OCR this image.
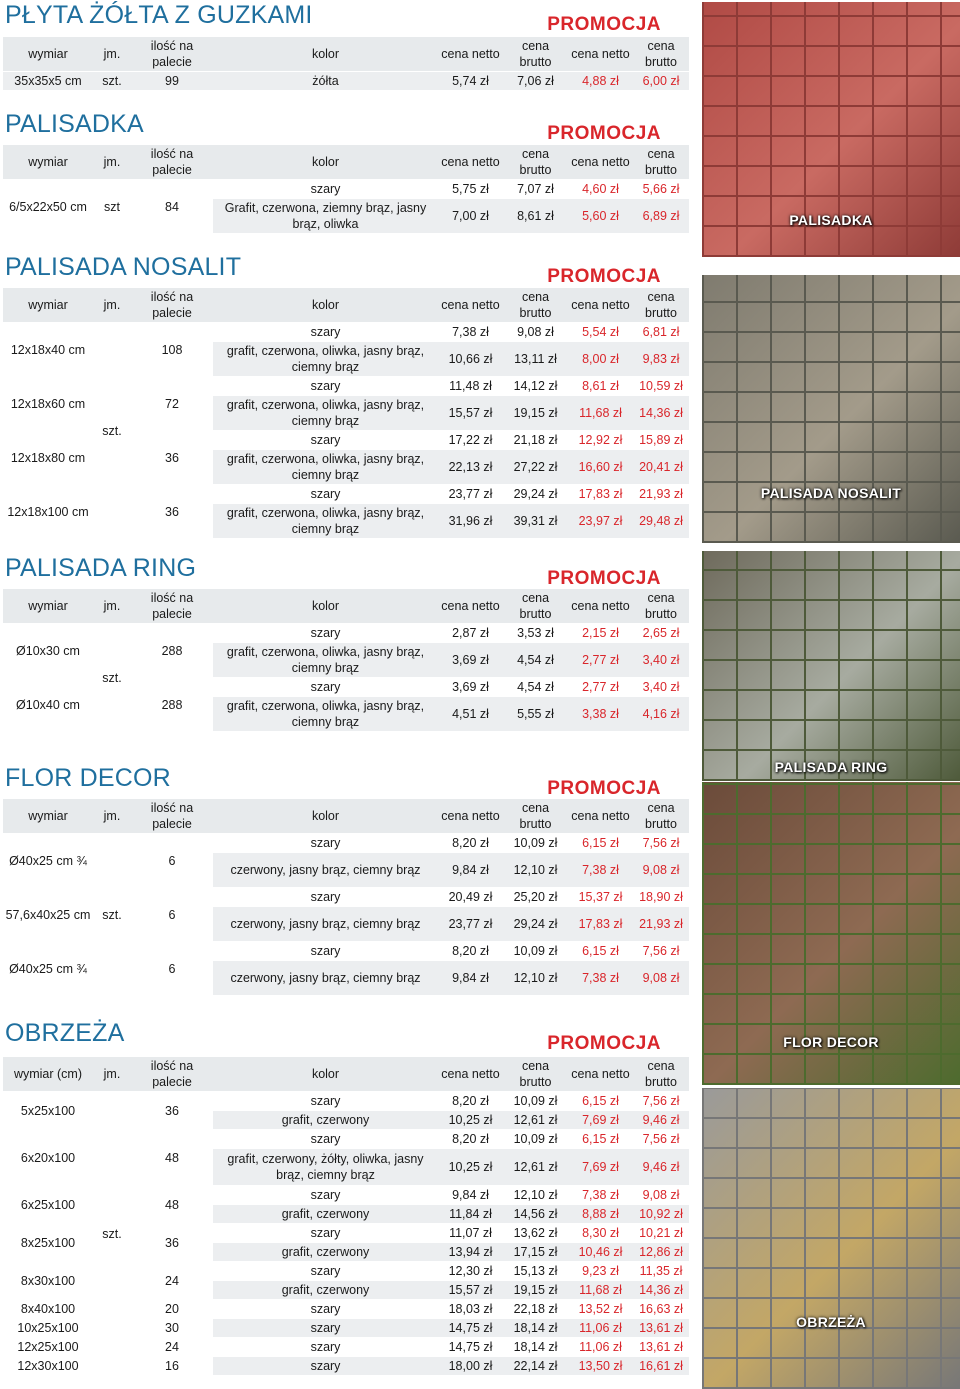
PŁYTA ŻÓŁTA Z GUZKAMI	PROMOCJA
wymiar	jm.	ilość na palecie	kolor	cena netto	cena brutto	cena netto	cena brutto
35x35x5 cm	szt.	99	żółta	5,74 zł	7,06 zł	4,88 zł	6,00 zł
PALISADKA	PROMOCJA
wymiar	jm.	ilość na palecie	kolor	cena netto	cena brutto	cena netto	cena brutto
6/5x22x50 cm	szt	84	szary	5,75 zł	7,07 zł	4,60 zł	5,66 zł
			Grafit, czerwona, ziemny brąz, jasny brąz, oliwka	7,00 zł	8,61 zł	5,60 zł	6,89 zł
PALISADA NOSALIT	PROMOCJA
wymiar	jm.	ilość na palecie	kolor	cena netto	cena brutto	cena netto	cena brutto
12x18x40 cm	szt.	108	szary	7,38 zł	9,08 zł	5,54 zł	6,81 zł
			grafit, czerwona, oliwka, jasny brąz, ciemny brąz	10,66 zł	13,11 zł	8,00 zł	9,83 zł
12x18x60 cm		72	szary	11,48 zł	14,12 zł	8,61 zł	10,59 zł
			grafit, czerwona, oliwka, jasny brąz, ciemny brąz	15,57 zł	19,15 zł	11,68 zł	14,36 zł
12x18x80 cm		36	szary	17,22 zł	21,18 zł	12,92 zł	15,89 zł
			grafit, czerwona, oliwka, jasny brąz, ciemny brąz	22,13 zł	27,22 zł	16,60 zł	20,41 zł
12x18x100 cm		36	szary	23,77 zł	29,24 zł	17,83 zł	21,93 zł
			grafit, czerwona, oliwka, jasny brąz, ciemny brąz	31,96 zł	39,31 zł	23,97 zł	29,48 zł
PALISADA RING	PROMOCJA
wymiar	jm.	ilość na palecie	kolor	cena netto	cena brutto	cena netto	cena brutto
Ø10x30 cm	szt.	288	szary	2,87 zł	3,53 zł	2,15 zł	2,65 zł
			grafit, czerwona, oliwka, jasny brąz, ciemny brąz	3,69 zł	4,54 zł	2,77 zł	3,40 zł
Ø10x40 cm		288	szary	3,69 zł	4,54 zł	2,77 zł	3,40 zł
			grafit, czerwona, oliwka, jasny brąz, ciemny brąz	4,51 zł	5,55 zł	3,38 zł	4,16 zł
FLOR DECOR	PROMOCJA
wymiar	jm.	ilość na palecie	kolor	cena netto	cena brutto	cena netto	cena brutto
Ø40x25 cm ¾	szt.	6	szary	8,20 zł	10,09 zł	6,15 zł	7,56 zł
			czerwony, jasny brąz, ciemny brąz	9,84 zł	12,10 zł	7,38 zł	9,08 zł
57,6x40x25 cm		6	szary	20,49 zł	25,20 zł	15,37 zł	18,90 zł
			czerwony, jasny brąz, ciemny brąz	23,77 zł	29,24 zł	17,83 zł	21,93 zł
Ø40x25 cm ¾		6	szary	8,20 zł	10,09 zł	6,15 zł	7,56 zł
			czerwony, jasny brąz, ciemny brąz	9,84 zł	12,10 zł	7,38 zł	9,08 zł
OBRZEŻA	PROMOCJA
wymiar (cm)	jm.	ilość na palecie	kolor	cena netto	cena brutto	cena netto	cena brutto
5x25x100	szt.	36	szary	8,20 zł	10,09 zł	6,15 zł	7,56 zł
			grafit, czerwony	10,25 zł	12,61 zł	7,69 zł	9,46 zł
6x20x100		48	szary	8,20 zł	10,09 zł	6,15 zł	7,56 zł
			grafit, czerwony, żółty, oliwka, jasny brąz, ciemny brąz	10,25 zł	12,61 zł	7,69 zł	9,46 zł
6x25x100		48	szary	9,84 zł	12,10 zł	7,38 zł	9,08 zł
			grafit, czerwony	11,84 zł	14,56 zł	8,88 zł	10,92 zł
8x25x100		36	szary	11,07 zł	13,62 zł	8,30 zł	10,21 zł
			grafit, czerwony	13,94 zł	17,15 zł	10,46 zł	12,86 zł
8x30x100		24	szary	12,30 zł	15,13 zł	9,23 zł	11,35 zł
			grafit, czerwony	15,57 zł	19,15 zł	11,68 zł	14,36 zł
8x40x100		20	szary	18,03 zł	22,18 zł	13,52 zł	16,63 zł
10x25x100		30	szary	14,75 zł	18,14 zł	11,06 zł	13,61 zł
12x25x100		24	szary	14,75 zł	18,14 zł	11,06 zł	13,61 zł
12x30x100		16	szary	18,00 zł	22,14 zł	13,50 zł	16,61 zł
PALISADKA
PALISADA NOSALIT
PALISADA RING
FLOR DECOR
OBRZEŻA
